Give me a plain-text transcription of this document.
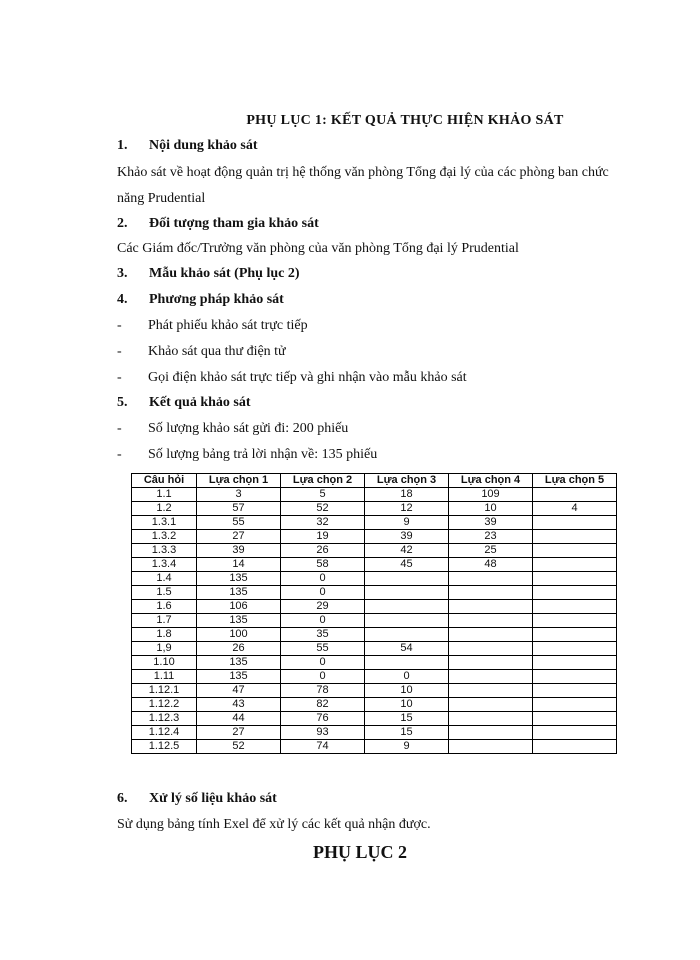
PHỤ LỤC 1: KẾT QUẢ THỰC HIỆN KHẢO SÁT
1. Nội dung khảo sát
Khảo sát về hoạt động quản trị hệ thống văn phòng Tổng đại lý của các phòng ban chức năng Prudential
2. Đối tượng tham gia khảo sát
Các Giám đốc/Trưởng văn phòng của văn phòng Tổng đại lý Prudential
3. Mẫu khảo sát (Phụ lục 2)
4. Phương pháp khảo sát
- Phát phiếu khảo sát trực tiếp
- Khảo sát qua thư điện tử
- Gọi điện khảo sát trực tiếp và ghi nhận vào mẫu khảo sát
5. Kết quả khảo sát
- Số lượng khảo sát gửi đi: 200 phiếu
- Số lượng bảng trả lời nhận về: 135 phiếu
Câu hỏi	Lựa chọn 1	Lựa chọn 2	Lựa chọn 3	Lựa chọn 4	Lựa chọn 5
1.1	3	5	18	109	
1.2	57	52	12	10	4
1.3.1	55	32	9	39	
1.3.2	27	19	39	23	
1.3.3	39	26	42	25	
1.3.4	14	58	45	48	
1.4	135	0			
1.5	135	0			
1.6	106	29			
1.7	135	0			
1.8	100	35			
1,9	26	55	54		
1.10	135	0			
1.11	135	0	0		
1.12.1	47	78	10		
1.12.2	43	82	10		
1.12.3	44	76	15		
1.12.4	27	93	15		
1.12.5	52	74	9		
6. Xử lý số liệu khảo sát
Sử dụng bảng tính Exel để xử lý các kết quả nhận được.
PHỤ LỤC 2
